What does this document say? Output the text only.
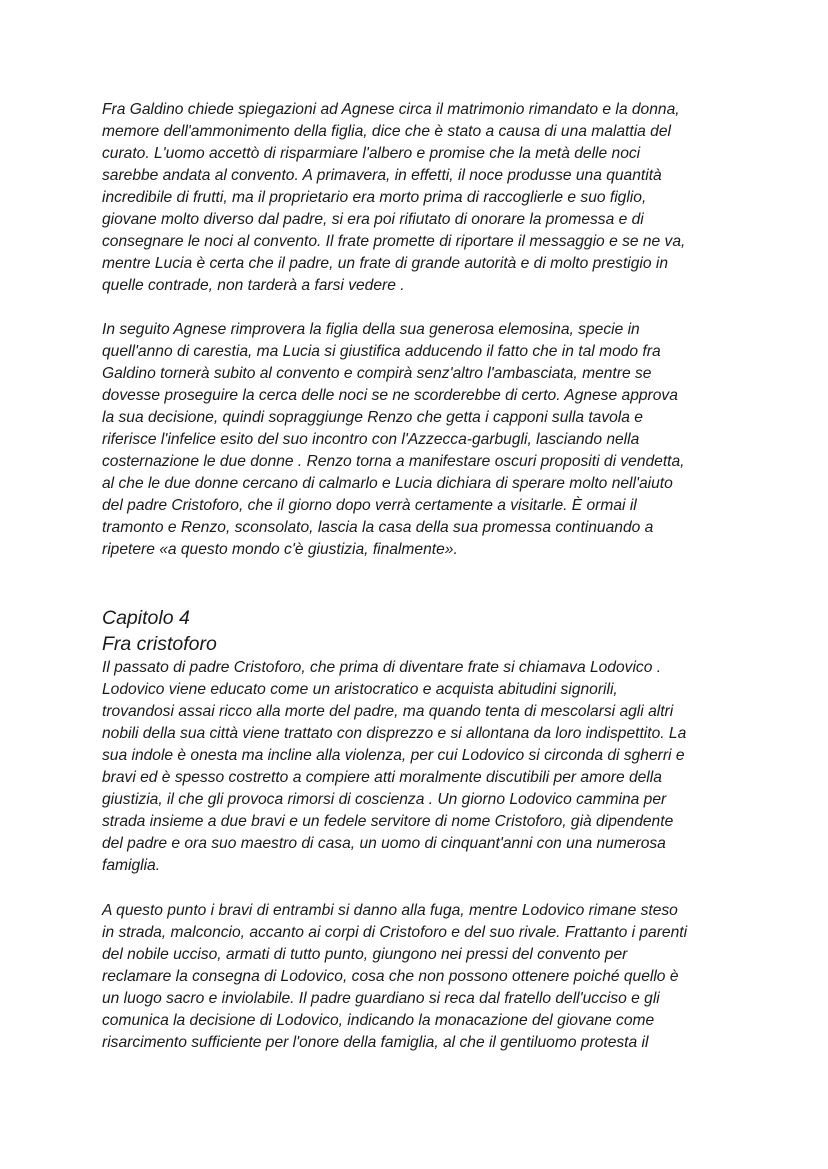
Fra Galdino chiede spiegazioni ad Agnese circa il matrimonio rimandato e la donna,
memore dell'ammonimento della figlia, dice che è stato a causa di una malattia del
curato. L'uomo accettò di risparmiare l'albero e promise che la metà delle noci
sarebbe andata al convento. A primavera, in effetti, il noce produsse una quantità
incredibile di frutti, ma il proprietario era morto prima di raccoglierle e suo figlio,
giovane molto diverso dal padre, si era poi rifiutato di onorare la promessa e di
consegnare le noci al convento. Il frate promette di riportare il messaggio e se ne va,
mentre Lucia è certa che il padre, un frate di grande autorità e di molto prestigio in
quelle contrade, non tarderà a farsi vedere .
In seguito Agnese rimprovera la figlia della sua generosa elemosina, specie in
quell'anno di carestia, ma Lucia si giustifica adducendo il fatto che in tal modo fra
Galdino tornerà subito al convento e compirà senz'altro l'ambasciata, mentre se
dovesse proseguire la cerca delle noci se ne scorderebbe di certo. Agnese approva
la sua decisione, quindi sopraggiunge Renzo che getta i capponi sulla tavola e
riferisce l'infelice esito del suo incontro con l'Azzecca-garbugli, lasciando nella
costernazione le due donne . Renzo torna a manifestare oscuri propositi di vendetta,
al che le due donne cercano di calmarlo e Lucia dichiara di sperare molto nell'aiuto
del padre Cristoforo, che il giorno dopo verrà certamente a visitarle. È ormai il
tramonto e Renzo, sconsolato, lascia la casa della sua promessa continuando a
ripetere «a questo mondo c'è giustizia, finalmente».
Capitolo 4
Fra cristoforo
Il passato di padre Cristoforo, che prima di diventare frate si chiamava Lodovico .
Lodovico viene educato come un aristocratico e acquista abitudini signorili,
trovandosi assai ricco alla morte del padre, ma quando tenta di mescolarsi agli altri
nobili della sua città viene trattato con disprezzo e si allontana da loro indispettito. La
sua indole è onesta ma incline alla violenza, per cui Lodovico si circonda di sgherri e
bravi ed è spesso costretto a compiere atti moralmente discutibili per amore della
giustizia, il che gli provoca rimorsi di coscienza . Un giorno Lodovico cammina per
strada insieme a due bravi e un fedele servitore di nome Cristoforo, già dipendente
del padre e ora suo maestro di casa, un uomo di cinquant'anni con una numerosa
famiglia.
A questo punto i bravi di entrambi si danno alla fuga, mentre Lodovico rimane steso
in strada, malconcio, accanto ai corpi di Cristoforo e del suo rivale. Frattanto i parenti
del nobile ucciso, armati di tutto punto, giungono nei pressi del convento per
reclamare la consegna di Lodovico, cosa che non possono ottenere poiché quello è
un luogo sacro e inviolabile. Il padre guardiano si reca dal fratello dell'ucciso e gli
comunica la decisione di Lodovico, indicando la monacazione del giovane come
risarcimento sufficiente per l'onore della famiglia, al che il gentiluomo protesta il
